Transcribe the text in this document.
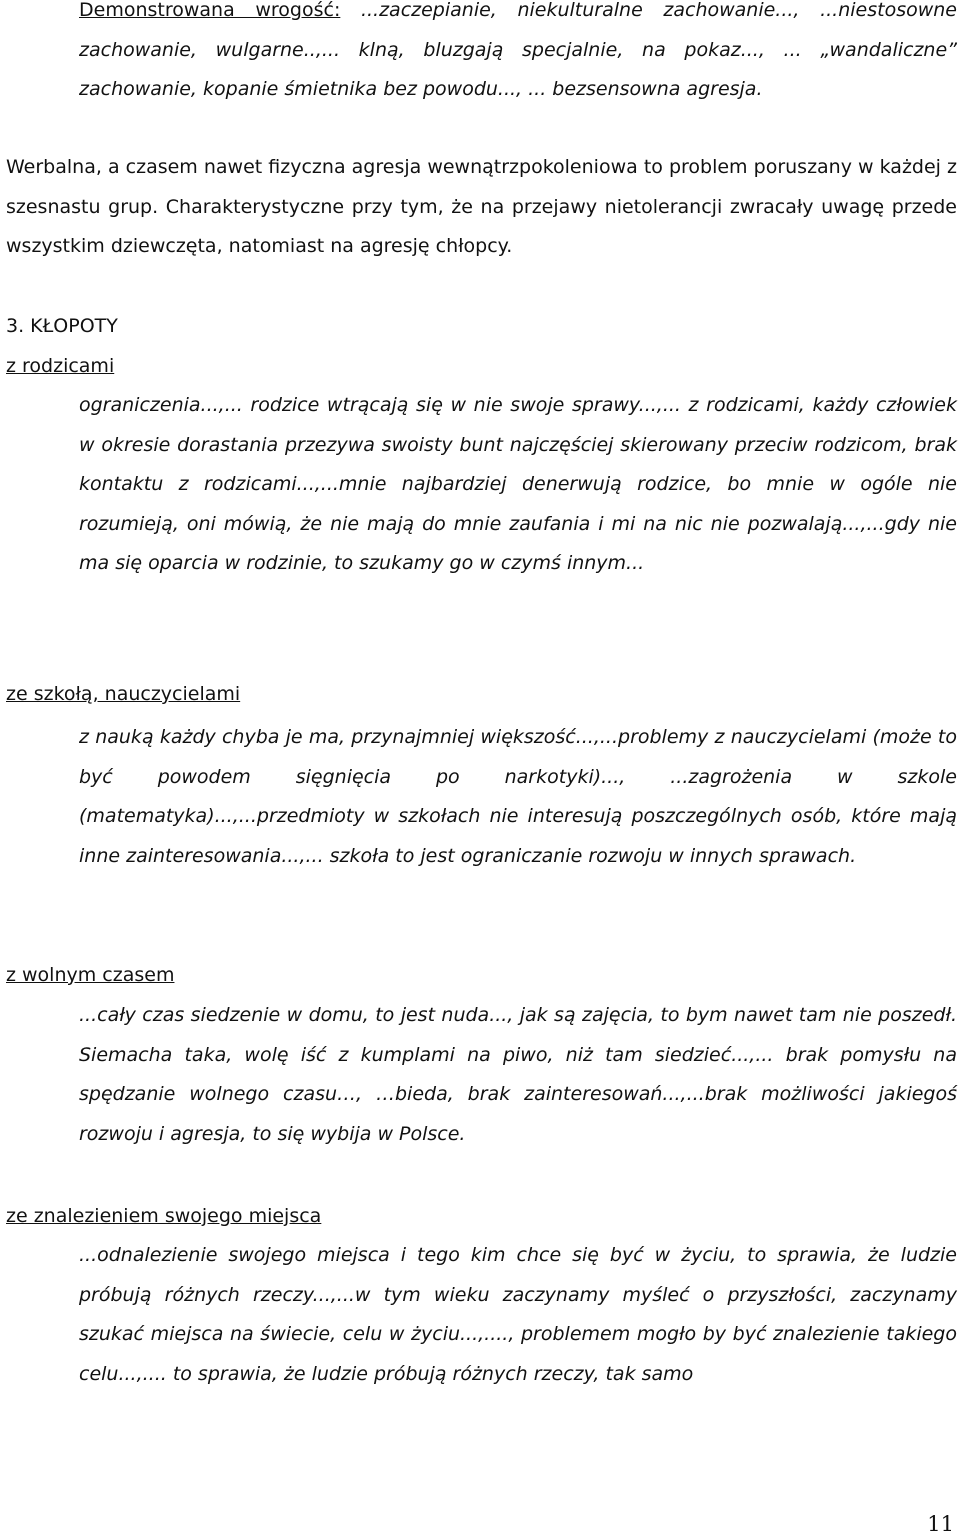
Demonstrowana wrogość: ...zaczepianie, niekulturalne zachowanie..., ...niestosowne zachowanie, wulgarne..,... klną, bluzgają specjalnie, na pokaz..., ... „wandaliczne” zachowanie, kopanie śmietnika bez powodu..., ... bezsensowna agresja.
Werbalna, a czasem nawet fizyczna agresja wewnątrzpokoleniowa to problem poruszany w każdej z szesnastu grup. Charakterystyczne przy tym, że na przejawy nietolerancji zwracały uwagę przede wszystkim dziewczęta, natomiast na agresję chłopcy.
3. KŁOPOTY
z rodzicami
ograniczenia...,... rodzice wtrącają się w nie swoje sprawy...,... z rodzicami, każdy człowiek w okresie dorastania przezywa swoisty bunt najczęściej skierowany przeciw rodzicom, brak kontaktu z rodzicami...,...mnie najbardziej denerwują rodzice, bo mnie w ogóle nie rozumieją, oni mówią, że nie mają do mnie zaufania i mi na nic nie pozwalają...,...gdy nie ma się oparcia w rodzinie, to szukamy go w czymś innym...
ze szkołą, nauczycielami
z nauką każdy chyba je ma, przynajmniej większość...,...problemy z nauczycielami (może to być powodem sięgnięcia po narkotyki)..., ...zagrożenia w szkole (matematyka)...,...przedmioty w szkołach nie interesują poszczególnych osób, które mają inne zainteresowania...,... szkoła to jest ograniczanie rozwoju w innych sprawach.
z wolnym czasem
...cały czas siedzenie w domu, to jest nuda..., jak są zajęcia, to bym nawet tam nie poszedł. Siemacha taka, wolę iść z kumplami na piwo, niż tam siedzieć...,... brak pomysłu na spędzanie wolnego czasu…, …bieda, brak zainteresowań...,...brak możliwości jakiegoś rozwoju i agresja, to się wybija w Polsce.
ze znalezieniem swojego miejsca
...odnalezienie swojego miejsca i tego kim chce się być w życiu, to sprawia, że ludzie próbują różnych rzeczy...,...w tym wieku zaczynamy myśleć o przyszłości, zaczynamy szukać miejsca na świecie, celu w życiu...,...., problemem mogło by być znalezienie takiego celu...,.... to sprawia, że ludzie próbują różnych rzeczy, tak samo
11
